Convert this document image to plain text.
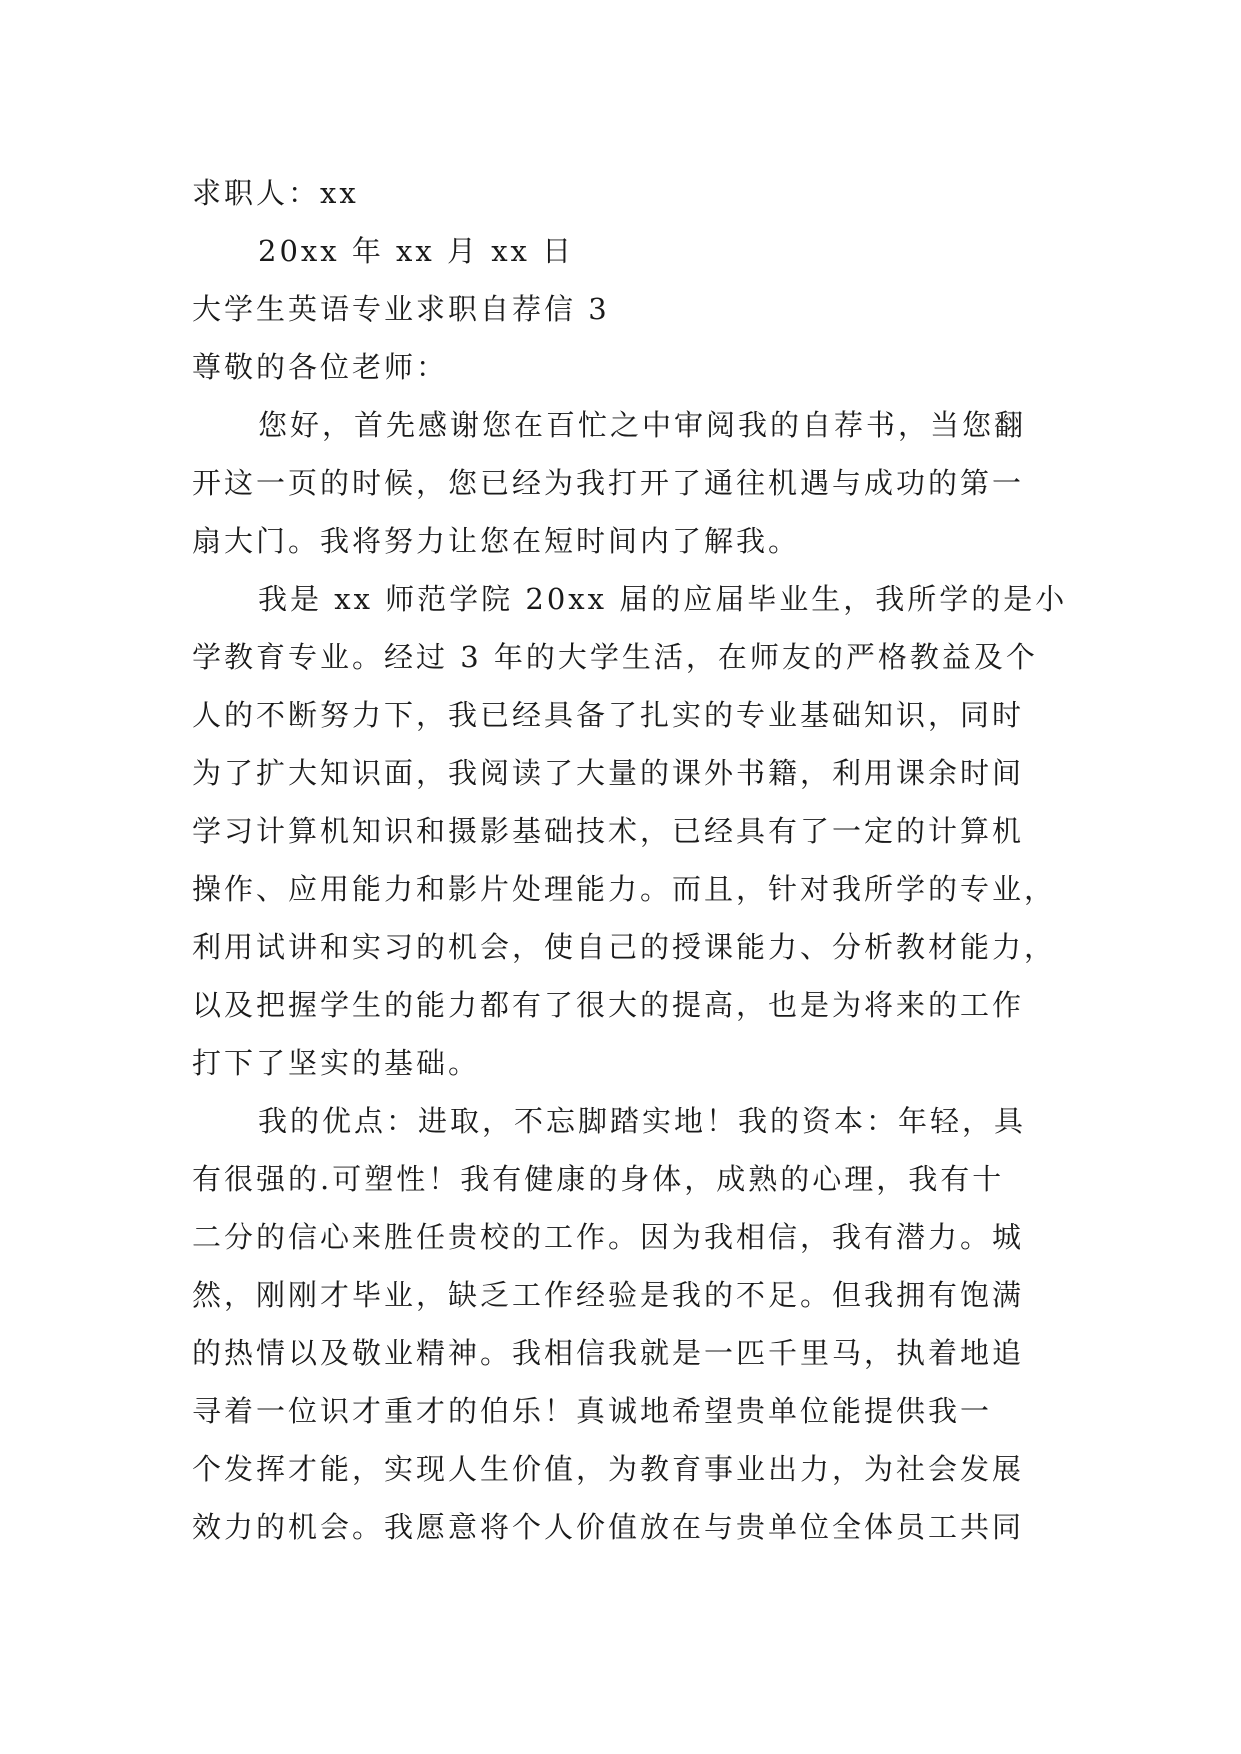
求职人：xx
20xx 年 xx 月 xx 日
大学生英语专业求职自荐信 3
尊敬的各位老师：
您好，首先感谢您在百忙之中审阅我的自荐书，当您翻
开这一页的时候，您已经为我打开了通往机遇与成功的第一
扇大门。我将努力让您在短时间内了解我。
我是 xx 师范学院 20xx 届的应届毕业生，我所学的是小
学教育专业。经过 3 年的大学生活，在师友的严格教益及个
人的不断努力下，我已经具备了扎实的专业基础知识，同时
为了扩大知识面，我阅读了大量的课外书籍，利用课余时间
学习计算机知识和摄影基础技术，已经具有了一定的计算机
操作、应用能力和影片处理能力。而且，针对我所学的专业，
利用试讲和实习的机会，使自己的授课能力、分析教材能力，
以及把握学生的能力都有了很大的提高，也是为将来的工作
打下了坚实的基础。
我的优点：进取，不忘脚踏实地！我的资本：年轻，具
有很强的.可塑性！我有健康的身体，成熟的心理，我有十
二分的信心来胜任贵校的工作。因为我相信，我有潜力。城
然，刚刚才毕业，缺乏工作经验是我的不足。但我拥有饱满
的热情以及敬业精神。我相信我就是一匹千里马，执着地追
寻着一位识才重才的伯乐！真诚地希望贵单位能提供我一
个发挥才能，实现人生价值，为教育事业出力，为社会发展
效力的机会。我愿意将个人价值放在与贵单位全体员工共同
